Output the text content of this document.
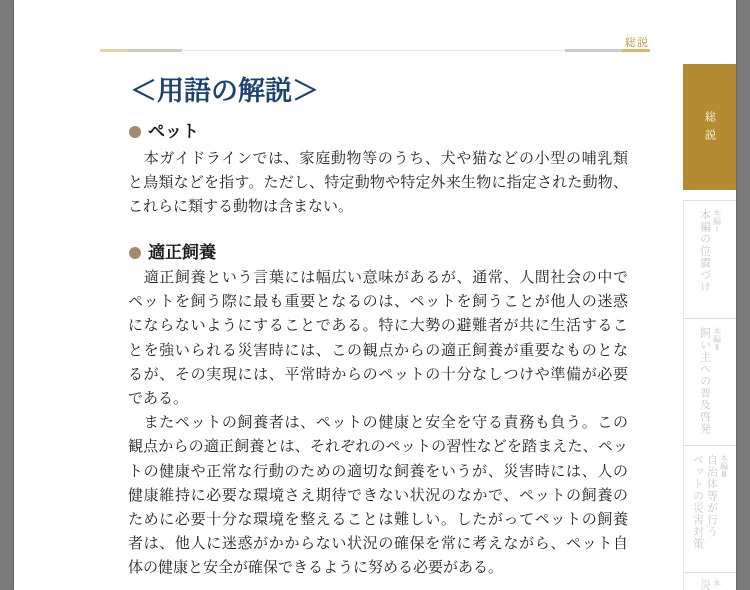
総説
＜用語の解説＞
ペット
　本ガイドラインでは、家庭動物等のうち、犬や猫などの小型の哺乳類
と鳥類などを指す。ただし、特定動物や特定外来生物に指定された動物、
これらに類する動物は含まない。
適正飼養
　適正飼養という言葉には幅広い意味があるが、通常、人間社会の中で
ペットを飼う際に最も重要となるのは、ペットを飼うことが他人の迷惑
にならないようにすることである。特に大勢の避難者が共に生活するこ
とを強いられる災害時には、この観点からの適正飼養が重要なものとな
るが、その実現には、平常時からのペットの十分なしつけや準備が必要
である。
　またペットの飼養者は、ペットの健康と安全を守る責務も負う。この
観点からの適正飼養とは、それぞれのペットの習性などを踏まえた、ペッ
トの健康や正常な行動のための適切な飼養をいうが、災害時には、人の
健康維持に必要な環境さえ期待できない状況のなかで、ペットの飼養の
ために必要十分な環境を整えることは難しい。したがってペットの飼養
者は、他人に迷惑がかからない状況の確保を常に考えながら、ペット自
体の健康と安全が確保できるように努める必要がある。
総説
本編Ⅰ
本編の位置づけ
本編Ⅱ
飼い主への普及啓発
本編Ⅲ
自治体等が行う
ペットの災害対策
本
災
